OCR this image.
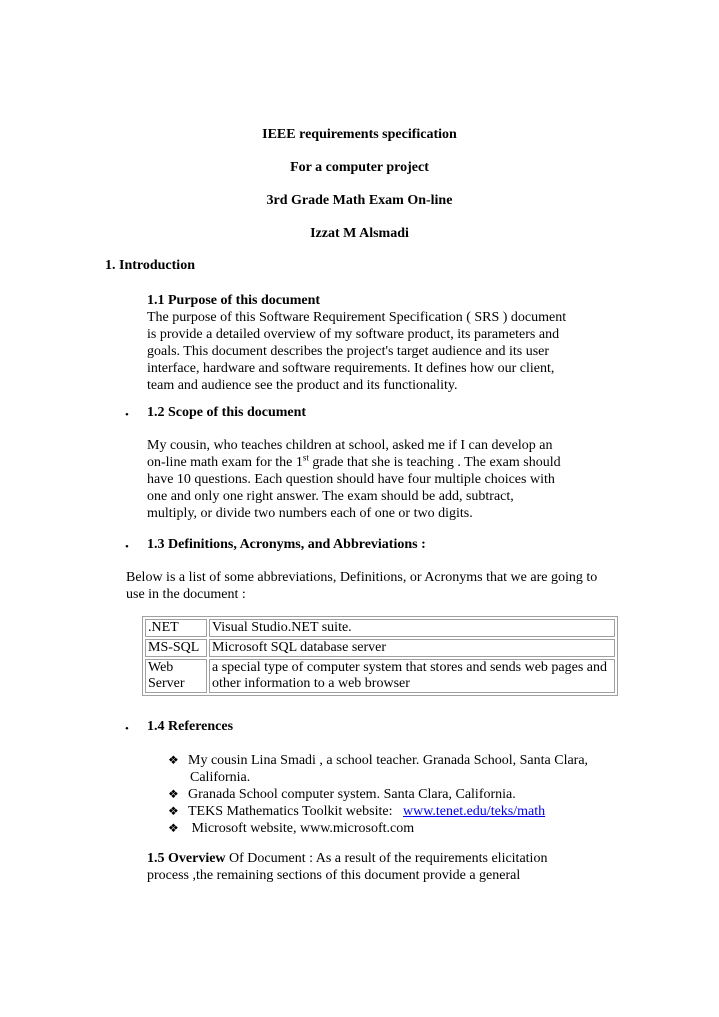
IEEE requirements specification
For a computer project
3rd Grade Math Exam On-line
Izzat M Alsmadi
1. Introduction
1.1 Purpose of this document
The purpose of this Software Requirement Specification ( SRS ) document
is provide a detailed overview of my software product, its parameters and
goals. This document describes the project's target audience and its user
interface, hardware and software requirements. It defines how our client,
team and audience see the product and its functionality.
• 1.2 Scope of this document
My cousin, who teaches children at school, asked me if I can develop an
on-line math exam for the 1st grade that she is teaching . The exam should
have 10 questions. Each question should have four multiple choices with
one and only one right answer. The exam should be add, subtract,
multiply, or divide two numbers each of one or two digits.
• 1.3 Definitions, Acronyms, and Abbreviations :
Below is a list of some abbreviations, Definitions, or Acronyms that we are going to
use in the document :
.NET	Visual Studio.NET suite.
MS-SQL	Microsoft SQL database server
Web Server	a special type of computer system that stores and sends web pages and other information to a web browser
• 1.4 References
❖ My cousin Lina Smadi , a school teacher. Granada School, Santa Clara,
California.
❖ Granada School computer system. Santa Clara, California.
❖ TEKS Mathematics Toolkit website:   www.tenet.edu/teks/math
❖ Microsoft website, www.microsoft.com
1.5 Overview Of Document : As a result of the requirements elicitation
process ,the remaining sections of this document provide a general
